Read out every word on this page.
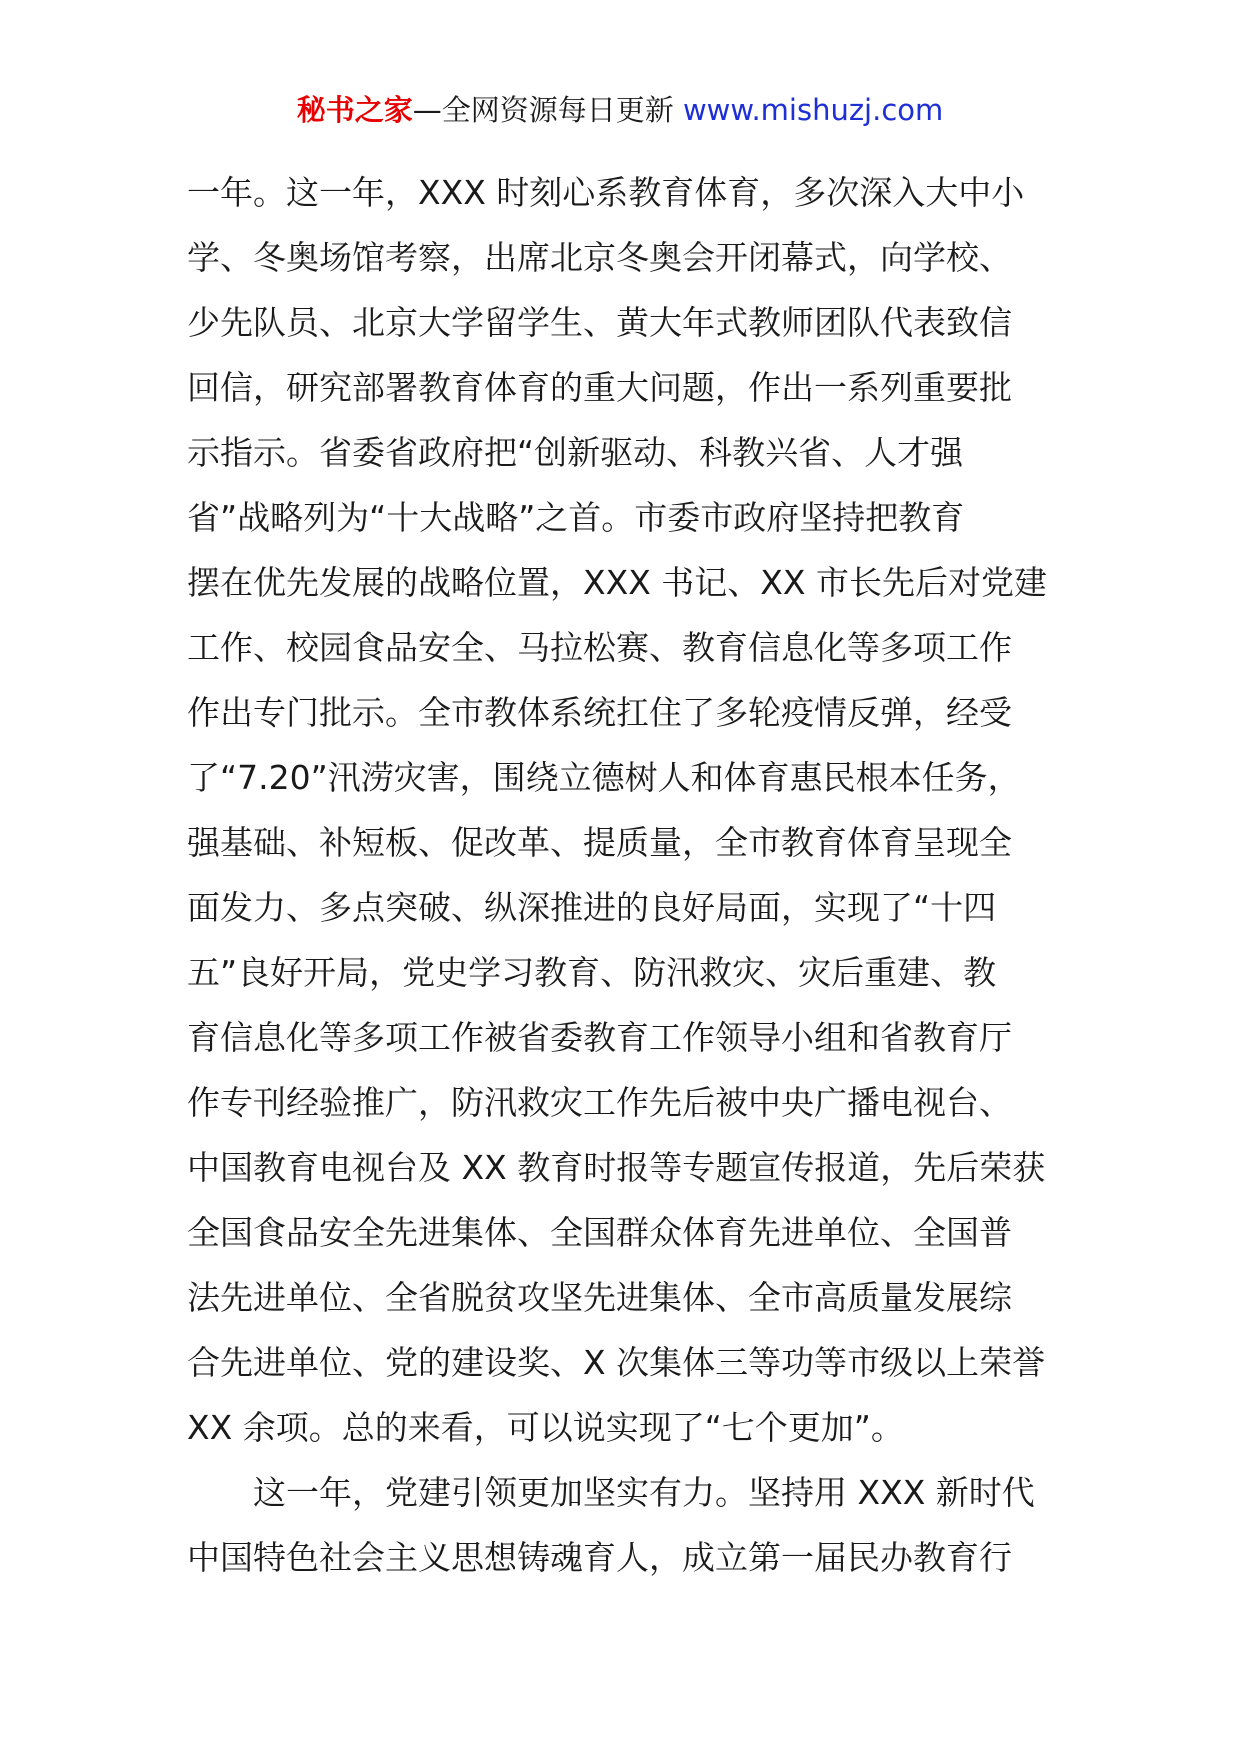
秘书之家—全网资源每日更新 www.mishuzj.com
一年。这一年，XXX 时刻心系教育体育，多次深入大中小
学、冬奥场馆考察，出席北京冬奥会开闭幕式，向学校、
少先队员、北京大学留学生、黄大年式教师团队代表致信
回信，研究部署教育体育的重大问题，作出一系列重要批
示指示。省委省政府把“创新驱动、科教兴省、人才强
省”战略列为“十大战略”之首。市委市政府坚持把教育
摆在优先发展的战略位置，XXX 书记、XX 市长先后对党建
工作、校园食品安全、马拉松赛、教育信息化等多项工作
作出专门批示。全市教体系统扛住了多轮疫情反弹，经受
了“7.20”汛涝灾害，围绕立德树人和体育惠民根本任务，
强基础、补短板、促改革、提质量，全市教育体育呈现全
面发力、多点突破、纵深推进的良好局面，实现了“十四
五”良好开局，党史学习教育、防汛救灾、灾后重建、教
育信息化等多项工作被省委教育工作领导小组和省教育厅
作专刊经验推广，防汛救灾工作先后被中央广播电视台、
中国教育电视台及 XX 教育时报等专题宣传报道，先后荣获
全国食品安全先进集体、全国群众体育先进单位、全国普
法先进单位、全省脱贫攻坚先进集体、全市高质量发展综
合先进单位、党的建设奖、X 次集体三等功等市级以上荣誉
XX 余项。总的来看，可以说实现了“七个更加”。
这一年，党建引领更加坚实有力。坚持用 XXX 新时代
中国特色社会主义思想铸魂育人，成立第一届民办教育行
